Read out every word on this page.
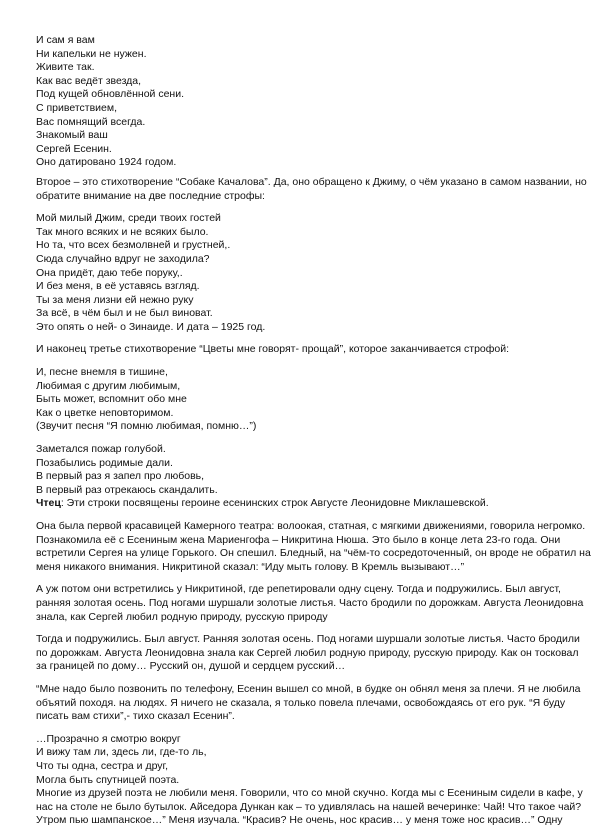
И сам я вам
Ни капельки не нужен.
Живите так.
Как вас ведёт звезда,
Под кущей обновлённой сени.
С приветствием,
Вас помнящий всегда.
Знакомый ваш
Сергей Есенин.
Оно датировано 1924 годом.
Второе – это стихотворение “Собаке Качалова”. Да, оно обращено к Джиму, о чём указано в самом названии, но
обратите внимание на две последние строфы:
Мой милый Джим, среди твоих гостей
Так много всяких и не всяких было.
Но та, что всех безмолвней и грустней,.
Сюда случайно вдруг не заходила?
Она придёт, даю тебе поруку,.
И без меня, в её уставясь взгляд.
Ты за меня лизни ей нежно руку
За всё, в чём был и не был виноват.
Это опять о ней- о Зинаиде. И дата – 1925 год.
И наконец третье стихотворение “Цветы мне говорят- прощай”, которое заканчивается строфой:
И, песне внемля в тишине,
Любимая с другим любимым,
Быть может, вспомнит обо мне
Как о цветке неповторимом.
(Звучит песня “Я помню любимая, помню…”)
Заметался пожар голубой.
Позабылись родимые дали.
В первый раз я запел про любовь,
В первый раз отрекаюсь скандалить.
Чтец: Эти строки посвящены героине есенинских строк Августе Леонидовне Миклашевской.
Она была первой красавицей Камерного театра: волоокая, статная, с мягкими движениями, говорила негромко.
Познакомила её с Есениным жена Мариенгофа – Никритина Нюша. Это было в конце лета 23-го года. Они
встретили Сергея на улице Горького. Он спешил. Бледный, на “чём-то сосредоточенный, он вроде не обратил на
меня никакого внимания. Никритиной сказал: “Иду мыть голову. В Кремль вызывают…”
А уж потом они встретились у Никритиной, где репетировали одну сцену. Тогда и подружились. Был август,
ранняя золотая осень. Под ногами шуршали золотые листья. Часто бродили по дорожкам. Августа Леонидовна
знала, как Сергей любил родную природу, русскую природу
Тогда и подружились. Был август. Ранняя золотая осень. Под ногами шуршали золотые листья. Часто бродили
по дорожкам. Августа Леонидовна знала как Сергей любил родную природу, русскую природу. Как он тосковал
за границей по дому… Русский он, душой и сердцем русский…
“Мне надо было позвонить по телефону, Есенин вышел со мной, в будке он обнял меня за плечи. Я не любила
объятий походя. на людях. Я ничего не сказала, я только повела плечами, освобождаясь от его рук. “Я буду
писать вам стихи”,- тихо сказал Есенин”.
…Прозрачно я смотрю вокруг
И вижу там ли, здесь ли, где-то ль,
Что ты одна, сестра и друг,
Могла быть спутницей поэта.
Многие из друзей поэта не любили меня. Говорили, что со мной скучно. Когда мы с Есениным сидели в кафе, у
нас на столе не было бутылок. Айседора Дункан как – то удивлялась на нашей вечеринке: Чай! Что такое чай?
Утром пью шампанское…” Меня изучала. “Красив? Не очень, нос красив… у меня тоже нос красив…” Одну
